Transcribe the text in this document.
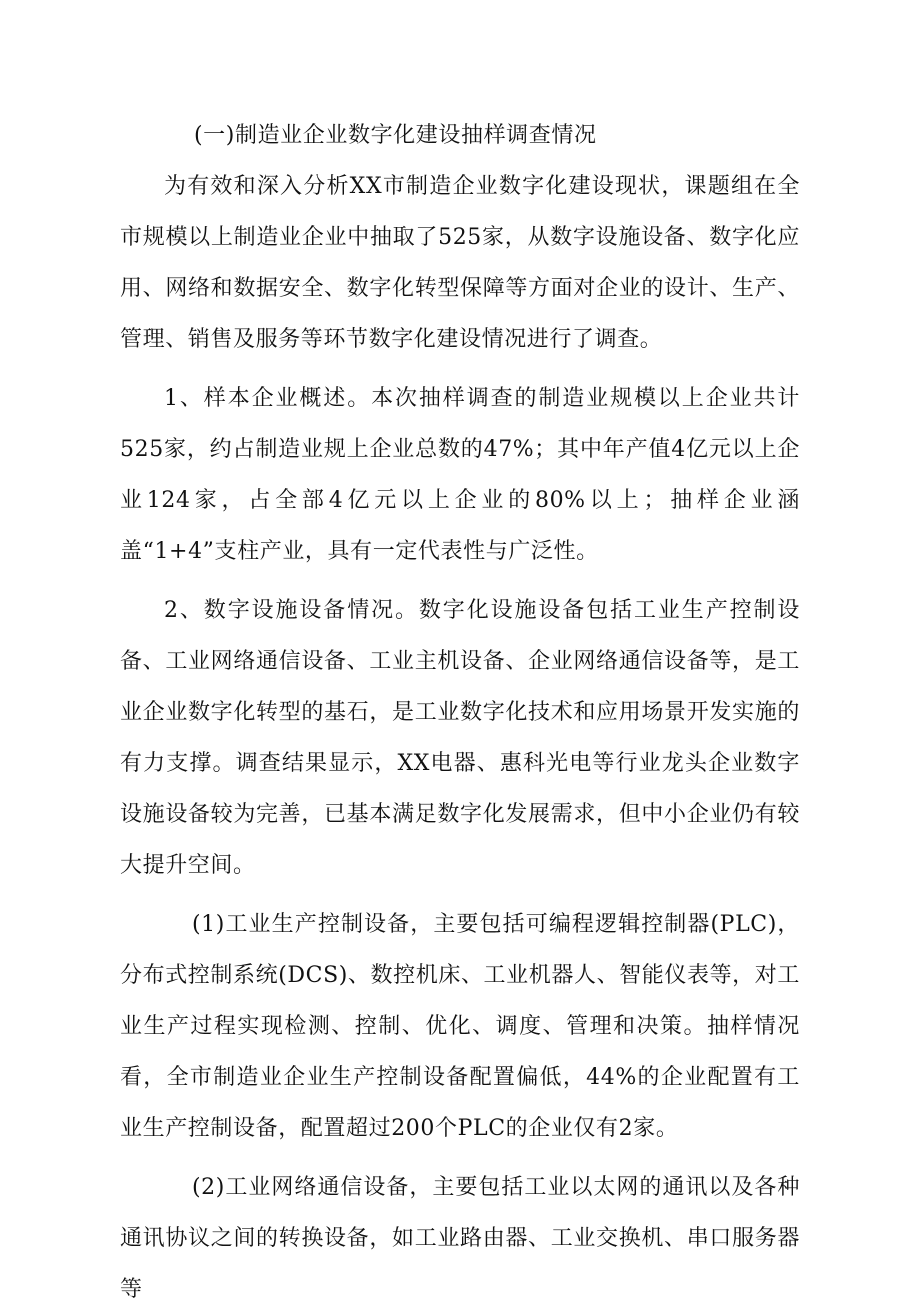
(一)制造业企业数字化建设抽样调查情况

为有效和深入分析XX市制造企业数字化建设现状，课题组在全市规模以上制造业企业中抽取了525家，从数字设施设备、数字化应用、网络和数据安全、数字化转型保障等方面对企业的设计、生产、管理、销售及服务等环节数字化建设情况进行了调查。

1、样本企业概述。本次抽样调查的制造业规模以上企业共计525家，约占制造业规上企业总数的47%；其中年产值4亿元以上企业124家，占全部4亿元以上企业的80%以上；抽样企业涵盖“1+4”支柱产业，具有一定代表性与广泛性。

2、数字设施设备情况。数字化设施设备包括工业生产控制设备、工业网络通信设备、工业主机设备、企业网络通信设备等，是工业企业数字化转型的基石，是工业数字化技术和应用场景开发实施的有力支撑。调查结果显示，XX电器、惠科光电等行业龙头企业数字设施设备较为完善，已基本满足数字化发展需求，但中小企业仍有较大提升空间。

(1)工业生产控制设备，主要包括可编程逻辑控制器(PLC)，分布式控制系统(DCS)、数控机床、工业机器人、智能仪表等，对工业生产过程实现检测、控制、优化、调度、管理和决策。抽样情况看，全市制造业企业生产控制设备配置偏低，44%的企业配置有工业生产控制设备，配置超过200个PLC的企业仅有2家。

(2)工业网络通信设备，主要包括工业以太网的通讯以及各种通讯协议之间的转换设备，如工业路由器、工业交换机、串口服务器等
